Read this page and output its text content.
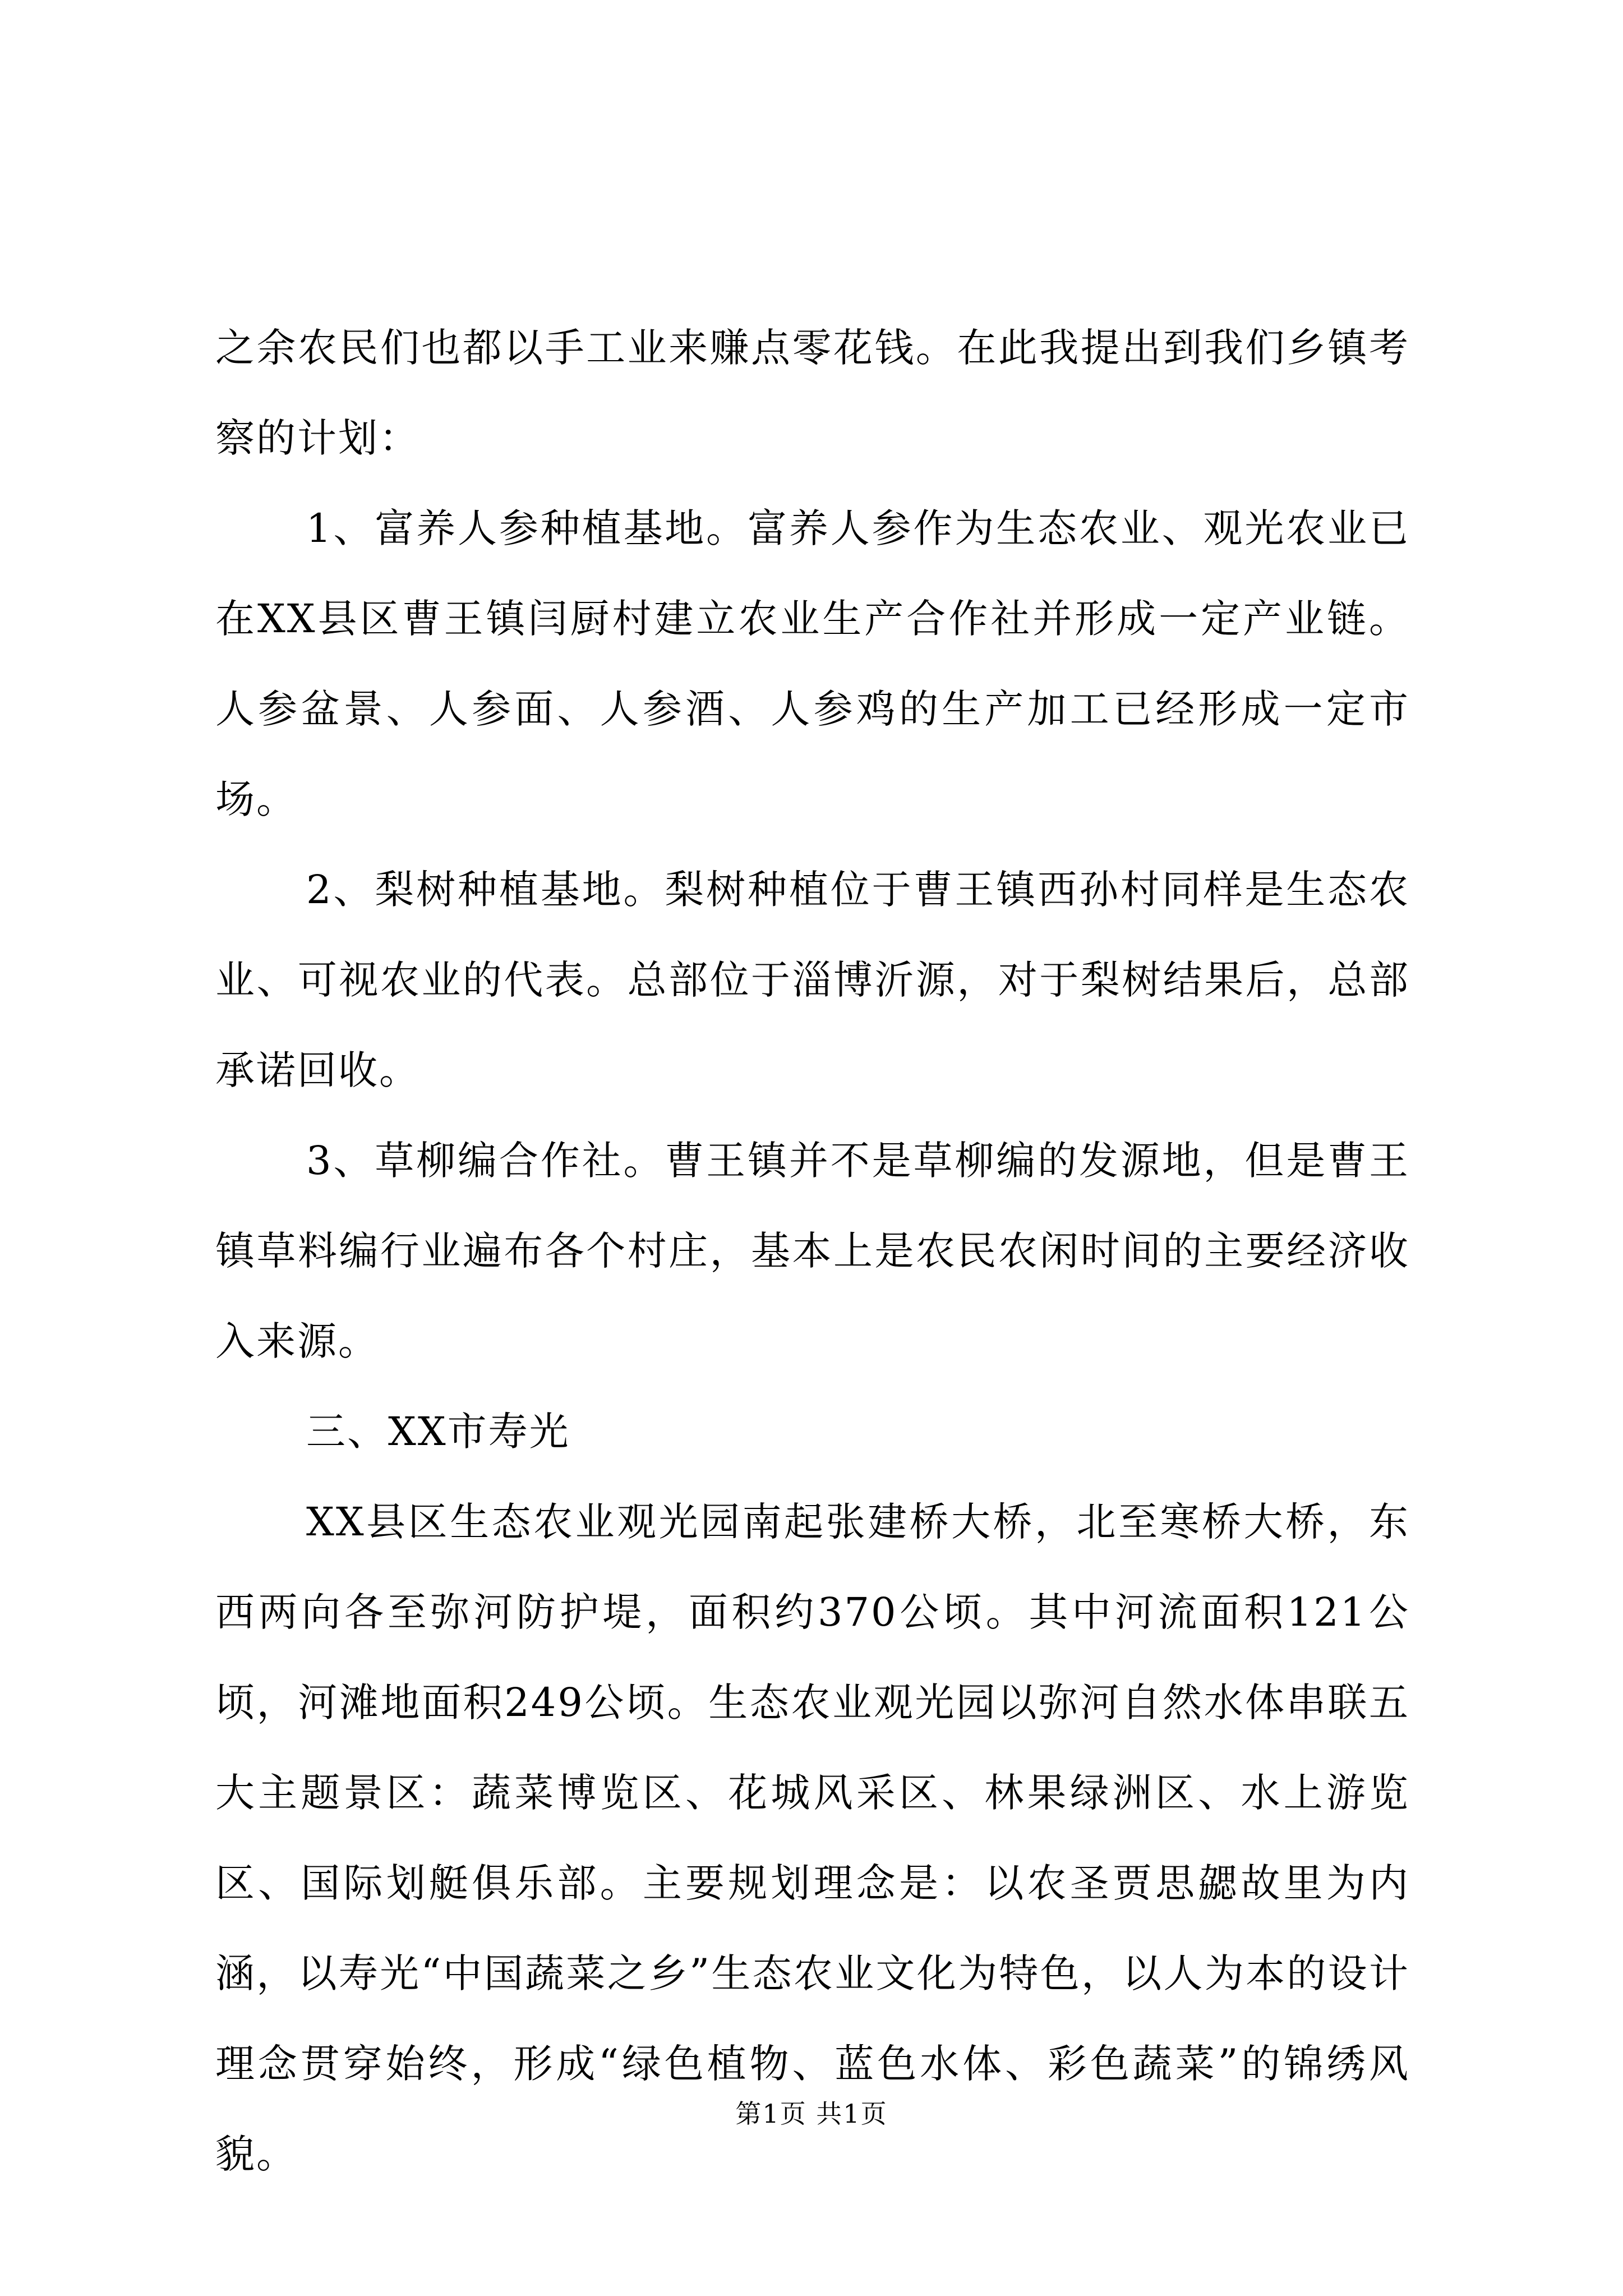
之余农民们也都以手工业来赚点零花钱。在此我提出到我们乡镇考察的计划：

1、富养人参种植基地。富养人参作为生态农业、观光农业已在XX县区曹王镇闫厨村建立农业生产合作社并形成一定产业链。人参盆景、人参面、人参酒、人参鸡的生产加工已经形成一定市场。

2、梨树种植基地。梨树种植位于曹王镇西孙村同样是生态农业、可视农业的代表。总部位于淄博沂源，对于梨树结果后，总部承诺回收。

3、草柳编合作社。曹王镇并不是草柳编的发源地，但是曹王镇草料编行业遍布各个村庄，基本上是农民农闲时间的主要经济收入来源。

三、XX市寿光

XX县区生态农业观光园南起张建桥大桥，北至寒桥大桥，东西两向各至弥河防护堤，面积约370公顷。其中河流面积121公顷，河滩地面积249公顷。生态农业观光园以弥河自然水体串联五大主题景区：蔬菜博览区、花城风采区、林果绿洲区、水上游览区、国际划艇俱乐部。主要规划理念是：以农圣贾思勰故里为内涵，以寿光“中国蔬菜之乡”生态农业文化为特色，以人为本的设计理念贯穿始终，形成“绿色植物、蓝色水体、彩色蔬菜”的锦绣风貌。

第1页 共1页
